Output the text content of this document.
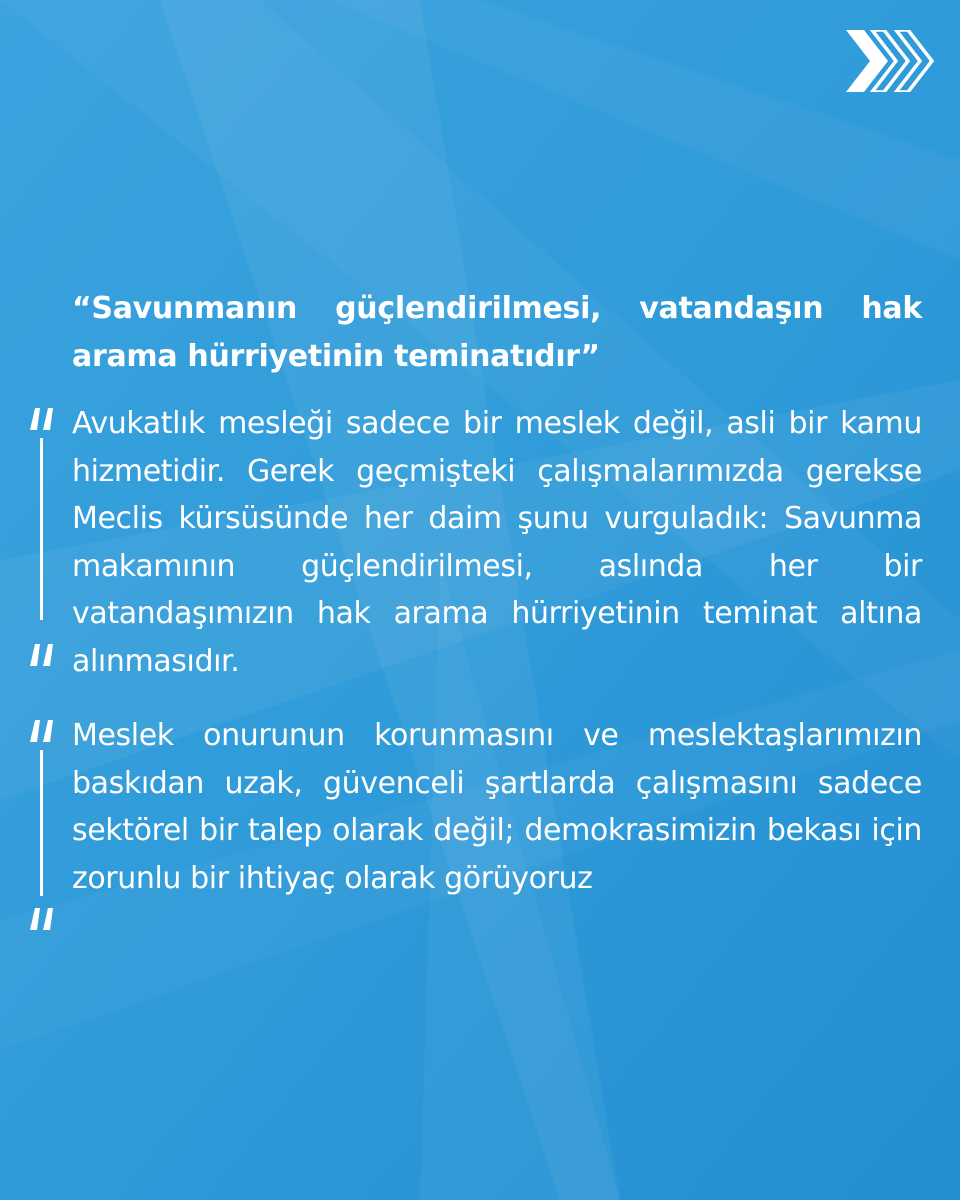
“Savunmanın güçlendirilmesi, vatandaşın hak arama hürriyetinin teminatıdır”

Avukatlık mesleği sadece bir meslek değil, asli bir kamu hizmetidir. Gerek geçmişteki çalışmalarımızda gerekse Meclis kürsüsünde her daim şunu vurguladık: Savunma makamının güçlendirilmesi, aslında her bir vatandaşımızın hak arama hürriyetinin teminat altına alınmasıdır.

Meslek onurunun korunmasını ve meslektaşlarımızın baskıdan uzak, güvenceli şartlarda çalışmasını sadece sektörel bir talep olarak değil; demokrasimizin bekası için zorunlu bir ihtiyaç olarak görüyoruz
